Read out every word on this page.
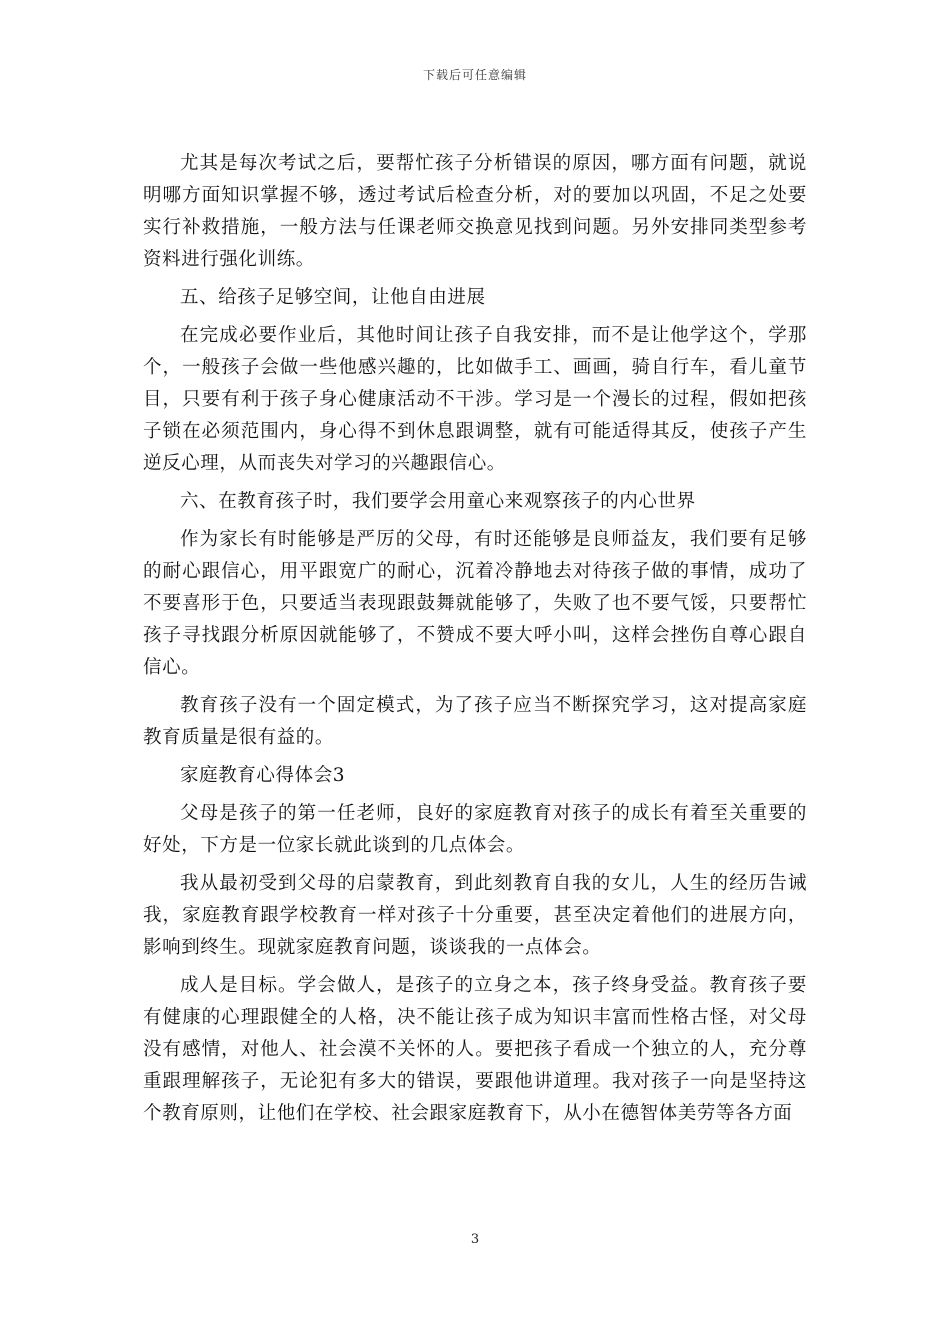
下载后可任意编辑

尤其是每次考试之后，要帮忙孩子分析错误的原因，哪方面有问题，就说明哪方面知识掌握不够，透过考试后检查分析，对的要加以巩固，不足之处要实行补救措施，一般方法与任课老师交换意见找到问题。另外安排同类型参考资料进行强化训练。

五、给孩子足够空间，让他自由进展

在完成必要作业后，其他时间让孩子自我安排，而不是让他学这个，学那个，一般孩子会做一些他感兴趣的，比如做手工、画画，骑自行车，看儿童节目，只要有利于孩子身心健康活动不干涉。学习是一个漫长的过程，假如把孩子锁在必须范围内，身心得不到休息跟调整，就有可能适得其反，使孩子产生逆反心理，从而丧失对学习的兴趣跟信心。

六、在教育孩子时，我们要学会用童心来观察孩子的内心世界

作为家长有时能够是严厉的父母，有时还能够是良师益友，我们要有足够的耐心跟信心，用平跟宽广的耐心，沉着冷静地去对待孩子做的事情，成功了不要喜形于色，只要适当表现跟鼓舞就能够了，失败了也不要气馁，只要帮忙孩子寻找跟分析原因就能够了，不赞成不要大呼小叫，这样会挫伤自尊心跟自信心。

教育孩子没有一个固定模式，为了孩子应当不断探究学习，这对提高家庭教育质量是很有益的。

家庭教育心得体会3

父母是孩子的第一任老师，良好的家庭教育对孩子的成长有着至关重要的好处，下方是一位家长就此谈到的几点体会。

我从最初受到父母的启蒙教育，到此刻教育自我的女儿，人生的经历告诫我，家庭教育跟学校教育一样对孩子十分重要，甚至决定着他们的进展方向，影响到终生。现就家庭教育问题，谈谈我的一点体会。

成人是目标。学会做人，是孩子的立身之本，孩子终身受益。教育孩子要有健康的心理跟健全的人格，决不能让孩子成为知识丰富而性格古怪，对父母没有感情，对他人、社会漠不关怀的人。要把孩子看成一个独立的人，充分尊重跟理解孩子，无论犯有多大的错误，要跟他讲道理。我对孩子一向是坚持这个教育原则，让他们在学校、社会跟家庭教育下，从小在德智体美劳等各方面

3
